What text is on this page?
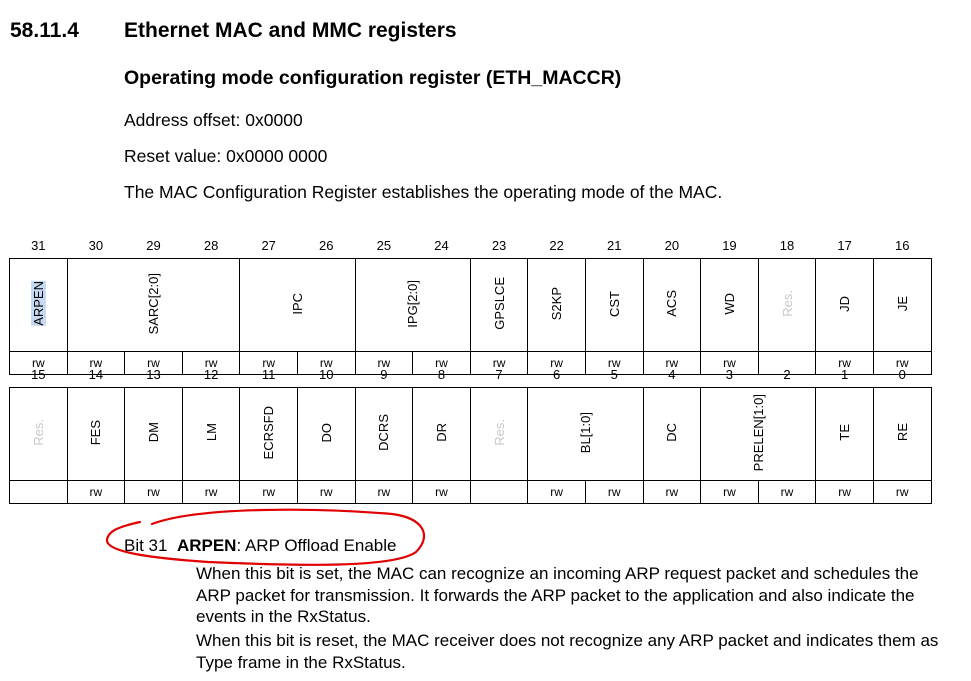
58.11.4 Ethernet MAC and MMC registers
Operating mode configuration register (ETH_MACCR)
Address offset: 0x0000
Reset value: 0x0000 0000
The MAC Configuration Register establishes the operating mode of the MAC.
31	30	29	28	27	26	25	24	23	22	21	20	19	18	17	16
ARPEN	SARC[2:0]			IPC		IPG[2:0]		GPSLCE	S2KP	CST	ACS	WD	Res.	JD	JE
rw	rw	rw	rw	rw	rw	rw	rw	rw	rw	rw	rw	rw		rw	rw
15	14	13	12	11	10	9	8	7	6	5	4	3	2	1	0
Res.	FES	DM	LM	ECRSFD	DO	DCRS	DR	Res.	BL[1:0]		DC	PRELEN[1:0]		TE	RE
	rw	rw	rw	rw	rw	rw	rw		rw	rw	rw	rw	rw	rw	rw
Bit 31 ARPEN: ARP Offload Enable
When this bit is set, the MAC can recognize an incoming ARP request packet and schedules the ARP packet for transmission. It forwards the ARP packet to the application and also indicate the events in the RxStatus.
When this bit is reset, the MAC receiver does not recognize any ARP packet and indicates them as Type frame in the RxStatus.
